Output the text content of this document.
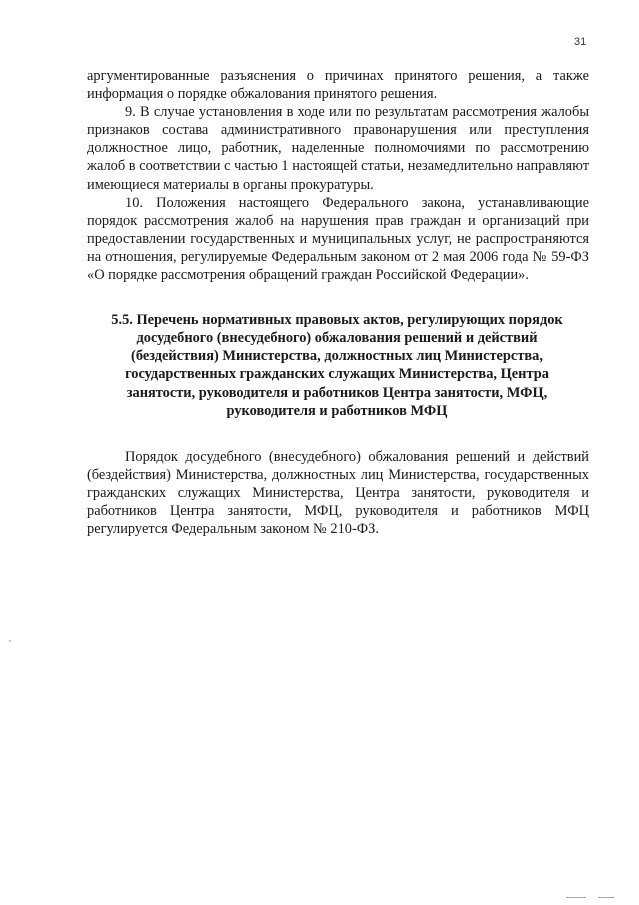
31

аргументированные разъяснения о причинах принятого решения, а также информация о порядке обжалования принятого решения.

9. В случае установления в ходе или по результатам рассмотрения жалобы признаков состава административного правонарушения или преступления должностное лицо, работник, наделенные полномочиями по рассмотрению жалоб в соответствии с частью 1 настоящей статьи, незамедлительно направляют имеющиеся материалы в органы прокуратуры.

10. Положения настоящего Федерального закона, устанавливающие порядок рассмотрения жалоб на нарушения прав граждан и организаций при предоставлении государственных и муниципальных услуг, не распространяются на отношения, регулируемые Федеральным законом от 2 мая 2006 года № 59-ФЗ «О порядке рассмотрения обращений граждан Российской Федерации».

5.5. Перечень нормативных правовых актов, регулирующих порядок досудебного (внесудебного) обжалования решений и действий (бездействия) Министерства, должностных лиц Министерства, государственных гражданских служащих Министерства, Центра занятости, руководителя и работников Центра занятости, МФЦ, руководителя и работников МФЦ

Порядок досудебного (внесудебного) обжалования решений и действий (бездействия) Министерства, должностных лиц Министерства, государственных гражданских служащих Министерства, Центра занятости, руководителя и работников Центра занятости, МФЦ, руководителя и работников МФЦ регулируется Федеральным законом № 210-ФЗ.
